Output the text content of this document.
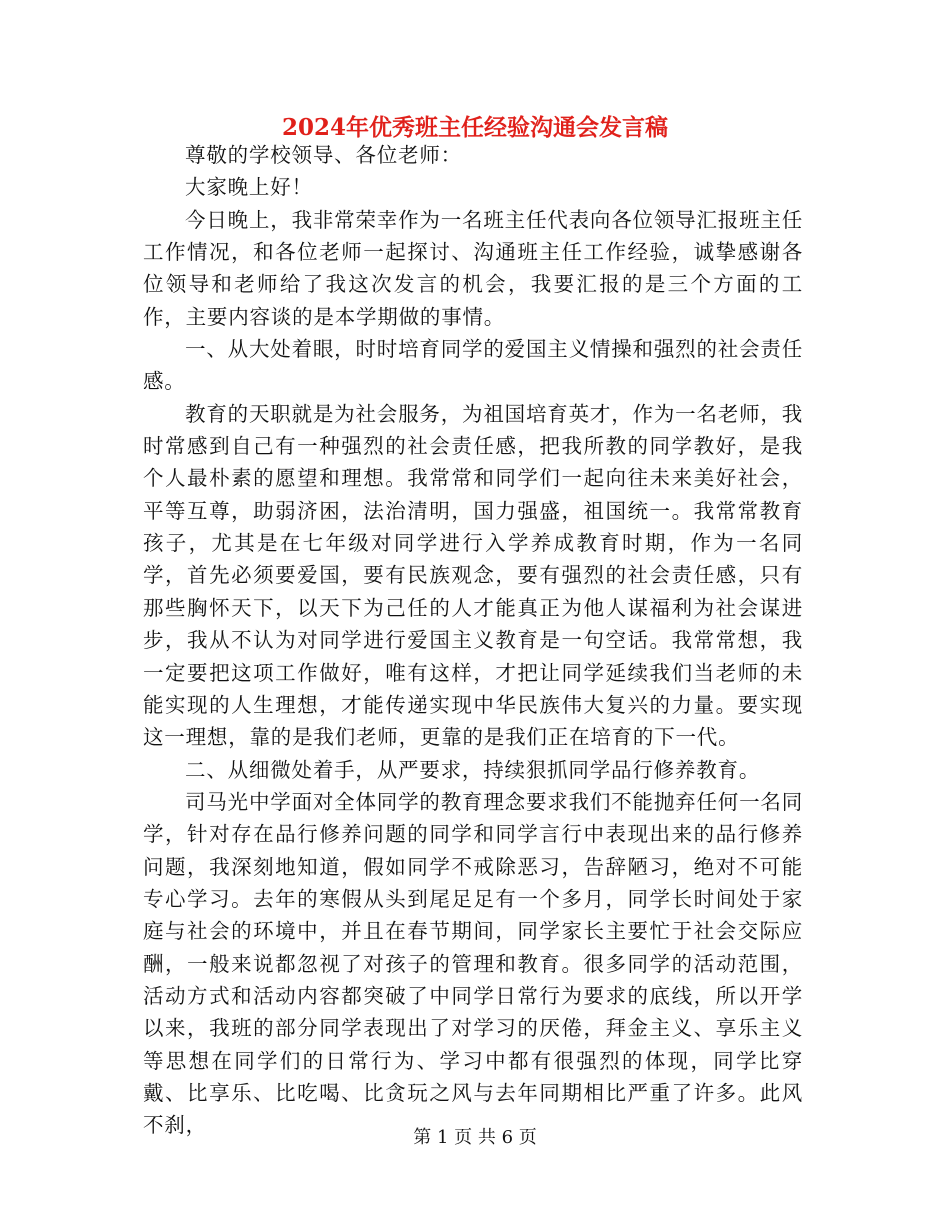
2024年优秀班主任经验沟通会发言稿

尊敬的学校领导、各位老师：

大家晚上好！

今日晚上，我非常荣幸作为一名班主任代表向各位领导汇报班主任工作情况，和各位老师一起探讨、沟通班主任工作经验，诚挚感谢各位领导和老师给了我这次发言的机会，我要汇报的是三个方面的工作，主要内容谈的是本学期做的事情。

一、从大处着眼，时时培育同学的爱国主义情操和强烈的社会责任感。

教育的天职就是为社会服务，为祖国培育英才，作为一名老师，我时常感到自己有一种强烈的社会责任感，把我所教的同学教好，是我个人最朴素的愿望和理想。我常常和同学们一起向往未来美好社会，平等互尊，助弱济困，法治清明，国力强盛，祖国统一。我常常教育孩子，尤其是在七年级对同学进行入学养成教育时期，作为一名同学，首先必须要爱国，要有民族观念，要有强烈的社会责任感，只有那些胸怀天下，以天下为己任的人才能真正为他人谋福利为社会谋进步，我从不认为对同学进行爱国主义教育是一句空话。我常常想，我一定要把这项工作做好，唯有这样，才把让同学延续我们当老师的未能实现的人生理想，才能传递实现中华民族伟大复兴的力量。要实现这一理想，靠的是我们老师，更靠的是我们正在培育的下一代。

二、从细微处着手，从严要求，持续狠抓同学品行修养教育。

司马光中学面对全体同学的教育理念要求我们不能抛弃任何一名同学，针对存在品行修养问题的同学和同学言行中表现出来的品行修养问题，我深刻地知道，假如同学不戒除恶习，告辞陋习，绝对不可能专心学习。去年的寒假从头到尾足足有一个多月，同学长时间处于家庭与社会的环境中，并且在春节期间，同学家长主要忙于社会交际应酬，一般来说都忽视了对孩子的管理和教育。很多同学的活动范围，活动方式和活动内容都突破了中同学日常行为要求的底线，所以开学以来，我班的部分同学表现出了对学习的厌倦，拜金主义、享乐主义等思想在同学们的日常行为、学习中都有很强烈的体现，同学比穿戴、比享乐、比吃喝、比贪玩之风与去年同期相比严重了许多。此风不刹，

第 1 页 共 6 页
